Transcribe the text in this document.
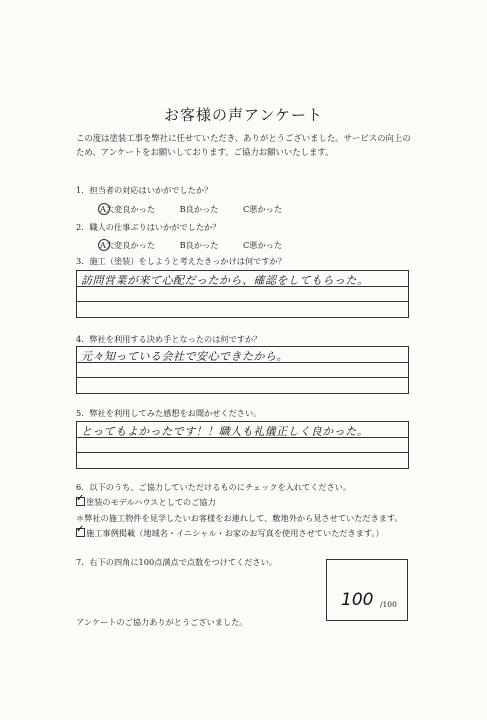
お客様の声アンケート
この度は塗装工事を弊社に任せていただき、ありがとうございました。サービスの向上のため、アンケートをお願いしております。ご協力お願いいたします。
1．担当者の対応はいかがでしたか？
A大変良かった	B良かった	C悪かった
2．職人の仕事ぶりはいかがでしたか？
A大変良かった	B良かった	C悪かった
3．施工（塗装）をしようと考えたきっかけは何ですか？
訪問営業が来て心配だったから、確認をしてもらった。
4．弊社を利用する決め手となったのは何ですか？
元々知っている会社で安心できたから。
5．弊社を利用してみた感想をお聞かせください。
とってもよかったです！！職人も礼儀正しく良かった。
6．以下のうち、ご協力していただけるものにチェックを入れてください。
✓塗装のモデルハウスとしてのご協力
＊弊社の施工物件を見学したいお客様をお連れして、敷地外から見させていただきます。
✓施工事例掲載（地域名・イニシャル・お家のお写真を使用させていただきます。）
7．右下の四角に100点満点で点数をつけてください。
100 /100
アンケートのご協力ありがとうございました。
